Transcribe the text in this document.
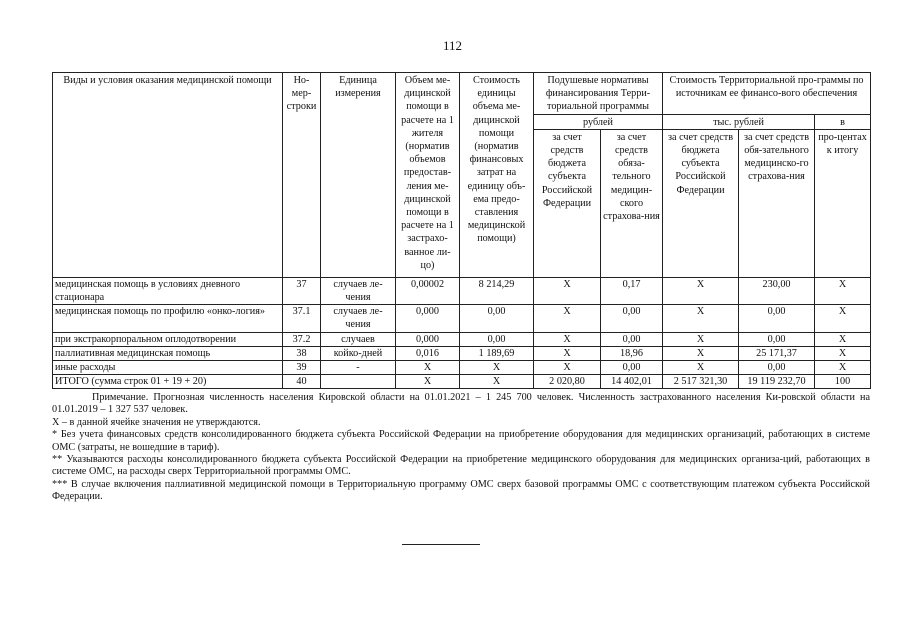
112
Виды и условия оказания медицинской помощи	Но-мер-строки	Единица измерения	Объем ме-дицинской помощи в расчете на 1 жителя (норматив объемов предостав-ления ме-дицинской помощи в расчете на 1 застрахо-ванное ли-цо)	Стоимость единицы объема ме-дицинской помощи (норматив финансовых затрат на единицу объ-ема предо-ставления медицинской помощи)	Подушевые нормативы финансирования Терри-ториальной программы		Стоимость Территориальной про-граммы по источникам ее финансо-вого обеспечения		
					рублей		тыс. рублей		в
					за счет средств бюджета субъекта Российской Федерации	за счет средств обяза-тельного медицин-ского страхова-ния	за счет средств бюджета субъекта Российской Федерации	за счет средств обя-зательного медицинско-го страхова-ния	про-центах к итогу
медицинская помощь в условиях дневного стационара	37	случаев ле-чения	0,00002	8 214,29	X	0,17	X	230,00	X
медицинская помощь по профилю «онко-логия»	37.1	случаев ле-чения	0,000	0,00	X	0,00	X	0,00	X
при экстракорпоральном оплодотворении	37.2	случаев	0,000	0,00	X	0,00	X	0,00	X
паллиативная медицинская помощь	38	койко-дней	0,016	1 189,69	X	18,96	X	25 171,37	X
иные расходы	39	-	X	X	X	0,00	X	0,00	X
ИТОГО (сумма строк 01 + 19 + 20)	40		X	X	2 020,80	14 402,01	2 517 321,30	19 119 232,70	100

Примечание. Прогнозная численность населения Кировской области на 01.01.2021 – 1 245 700 человек. Численность застрахованного населения Ки-ровской области на 01.01.2019 – 1 327 537 человек.

X – в данной ячейке значения не утверждаются.

* Без учета финансовых средств консолидированного бюджета субъекта Российской Федерации на приобретение оборудования для медицинских организаций, работающих в системе ОМС (затраты, не вошедшие в тариф).

** Указываются расходы консолидированного бюджета субъекта Российской Федерации на приобретение медицинского оборудования для медицинских организа-ций, работающих в системе ОМС, на расходы сверх Территориальной программы ОМС.

*** В случае включения паллиативной медицинской помощи в Территориальную программу ОМС сверх базовой программы ОМС с соответствующим платежом субъекта Российской Федерации.
